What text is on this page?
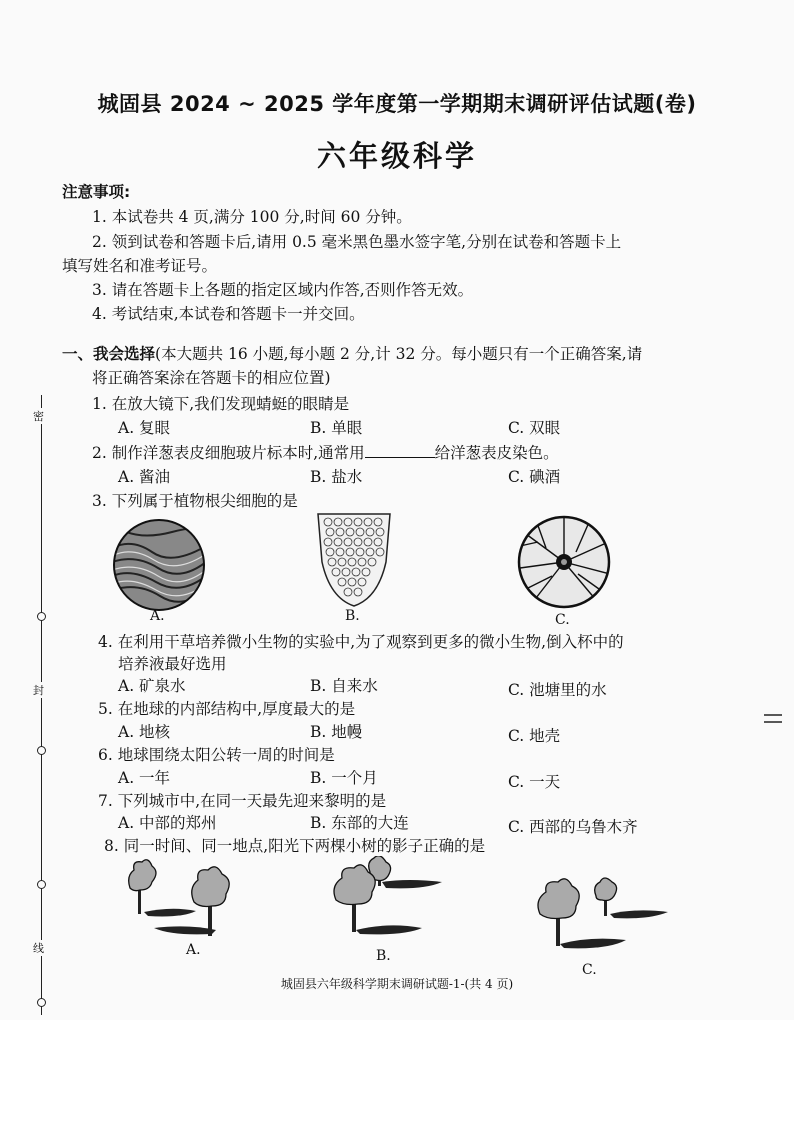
密
封
线
城固县 2024 ~ 2025 学年度第一学期期末调研评估试题(卷)
六年级科学
注意事项:
1. 本试卷共 4 页,满分 100 分,时间 60 分钟。
2. 领到试卷和答题卡后,请用 0.5 毫米黑色墨水签字笔,分别在试卷和答题卡上
填写姓名和准考证号。
3. 请在答题卡上各题的指定区域内作答,否则作答无效。
4. 考试结束,本试卷和答题卡一并交回。
一、我会选择(本大题共 16 小题,每小题 2 分,计 32 分。每小题只有一个正确答案,请
将正确答案涂在答题卡的相应位置)
1. 在放大镜下,我们发现蜻蜓的眼睛是
A. 复眼	B. 单眼	C. 双眼
2. 制作洋葱表皮细胞玻片标本时,通常用	给洋葱表皮染色。
A. 酱油	B. 盐水	C. 碘酒
3. 下列属于植物根尖细胞的是
A.	B.	C.
4. 在利用干草培养微小生物的实验中,为了观察到更多的微小生物,倒入杯中的
培养液最好选用
A. 矿泉水	B. 自来水	C. 池塘里的水
5. 在地球的内部结构中,厚度最大的是
A. 地核	B. 地幔	C. 地壳
6. 地球围绕太阳公转一周的时间是
A. 一年	B. 一个月	C. 一天
7. 下列城市中,在同一天最先迎来黎明的是
A. 中部的郑州	B. 东部的大连	C. 西部的乌鲁木齐
8. 同一时间、同一地点,阳光下两棵小树的影子正确的是
A.	B.
C.
城固县六年级科学期末调研试题-1-(共 4 页)
